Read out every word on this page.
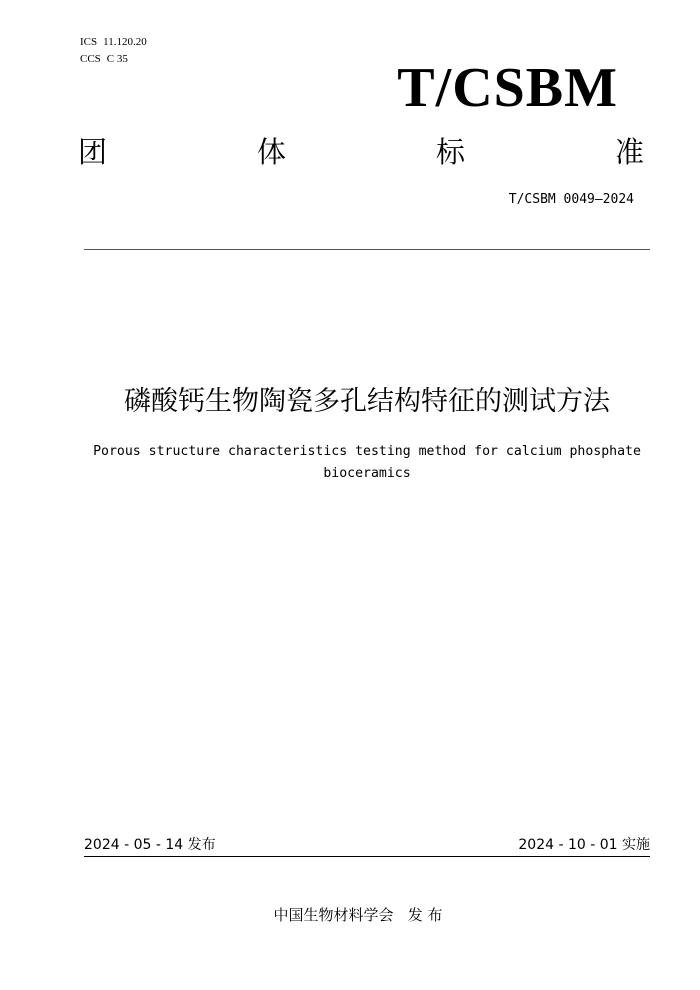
ICS 11.120.20
CCS C 35	T/CSBM
团	体	标	准
T/CSBM 0049—2024
磷酸钙生物陶瓷多孔结构特征的测试方法
Porous structure characteristics testing method for calcium phosphate
bioceramics
2024 - 05 - 14 发布	2024 - 10 - 01 实施
中国生物材料学会   发 布
